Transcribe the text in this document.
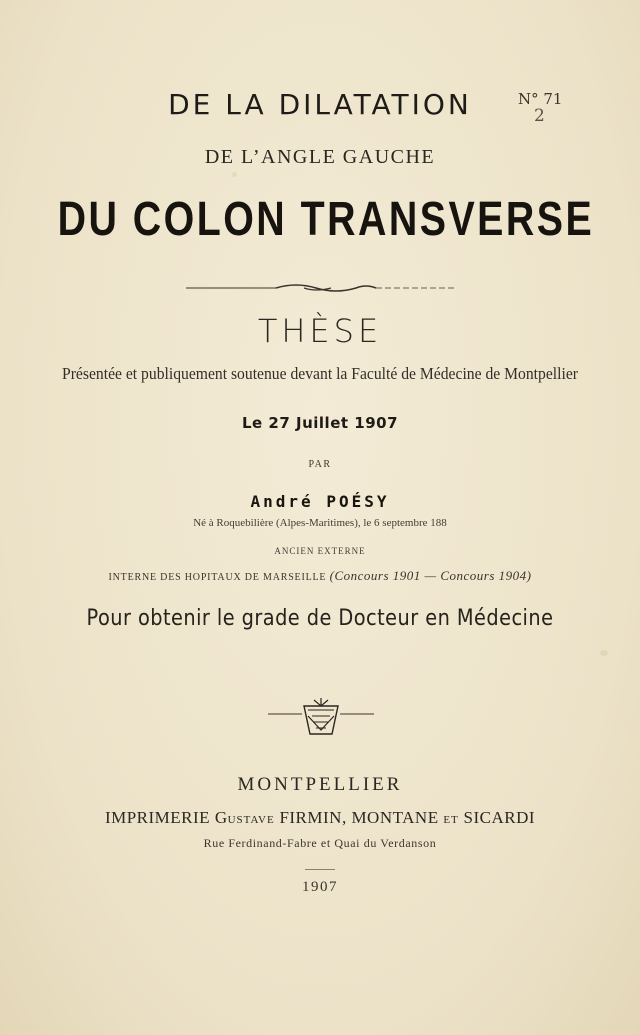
DE LA DILATATION	N° 71
2
DE L’ANGLE GAUCHE
DU COLON TRANSVERSE
THÈSE
Présentée et publiquement soutenue devant la Faculté de Médecine de Montpellier
Le 27 Juillet 1907
PAR
André POÉSY
Né à Roquebilière (Alpes-Maritimes), le 6 septembre 188
ANCIEN EXTERNE
INTERNE DES HOPITAUX DE MARSEILLE (Concours 1901 — Concours 1904)
Pour obtenir le grade de Docteur en Médecine
MONTPELLIER
IMPRIMERIE GUSTAVE FIRMIN, MONTANE ET SICARDI
Rue Ferdinand-Fabre et Quai du Verdanson
1907
